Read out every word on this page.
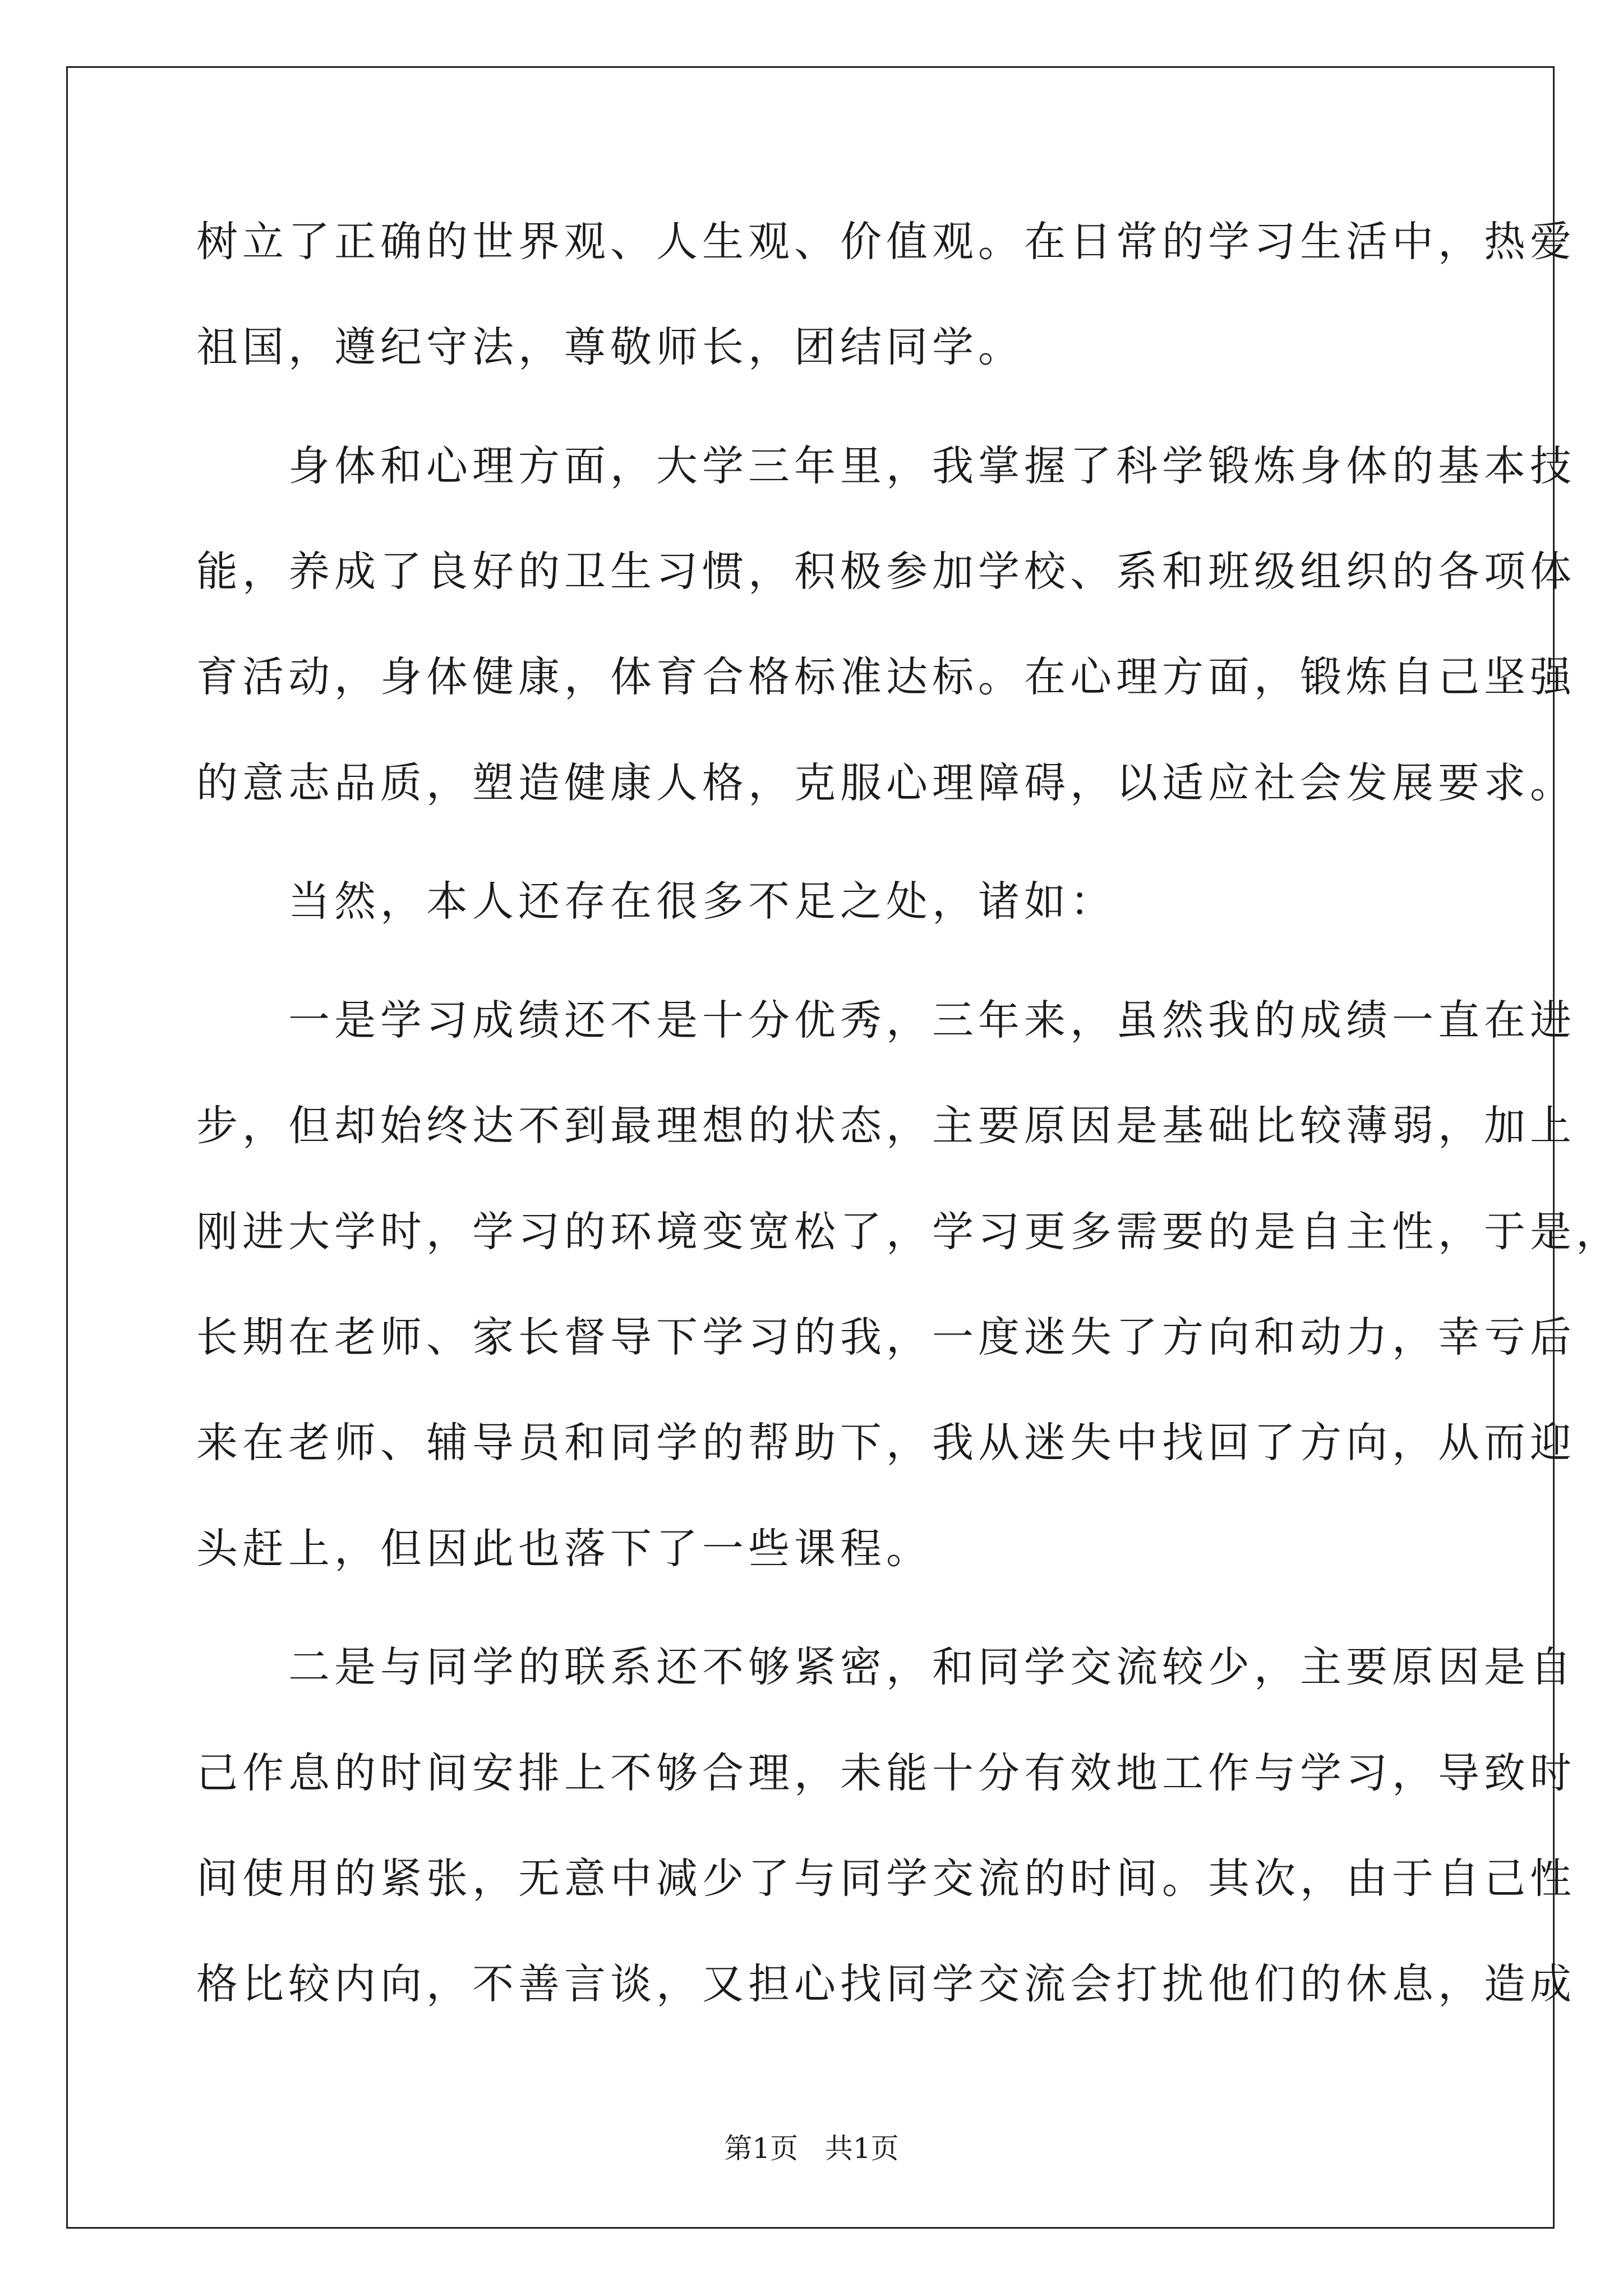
树立了正确的世界观、人生观、价值观。在日常的学习生活中，热爱
祖国，遵纪守法，尊敬师长，团结同学。
　　身体和心理方面，大学三年里，我掌握了科学锻炼身体的基本技
能，养成了良好的卫生习惯，积极参加学校、系和班级组织的各项体
育活动，身体健康，体育合格标准达标。在心理方面，锻炼自己坚强
的意志品质，塑造健康人格，克服心理障碍，以适应社会发展要求。
　　当然，本人还存在很多不足之处，诸如：
　　一是学习成绩还不是十分优秀，三年来，虽然我的成绩一直在进
步，但却始终达不到最理想的状态，主要原因是基础比较薄弱，加上
刚进大学时，学习的环境变宽松了，学习更多需要的是自主性，于是，
长期在老师、家长督导下学习的我，一度迷失了方向和动力，幸亏后
来在老师、辅导员和同学的帮助下，我从迷失中找回了方向，从而迎
头赶上，但因此也落下了一些课程。
　　二是与同学的联系还不够紧密，和同学交流较少，主要原因是自
己作息的时间安排上不够合理，未能十分有效地工作与学习，导致时
间使用的紧张，无意中减少了与同学交流的时间。其次，由于自己性
格比较内向，不善言谈，又担心找同学交流会打扰他们的休息，造成
第1页   共1页
